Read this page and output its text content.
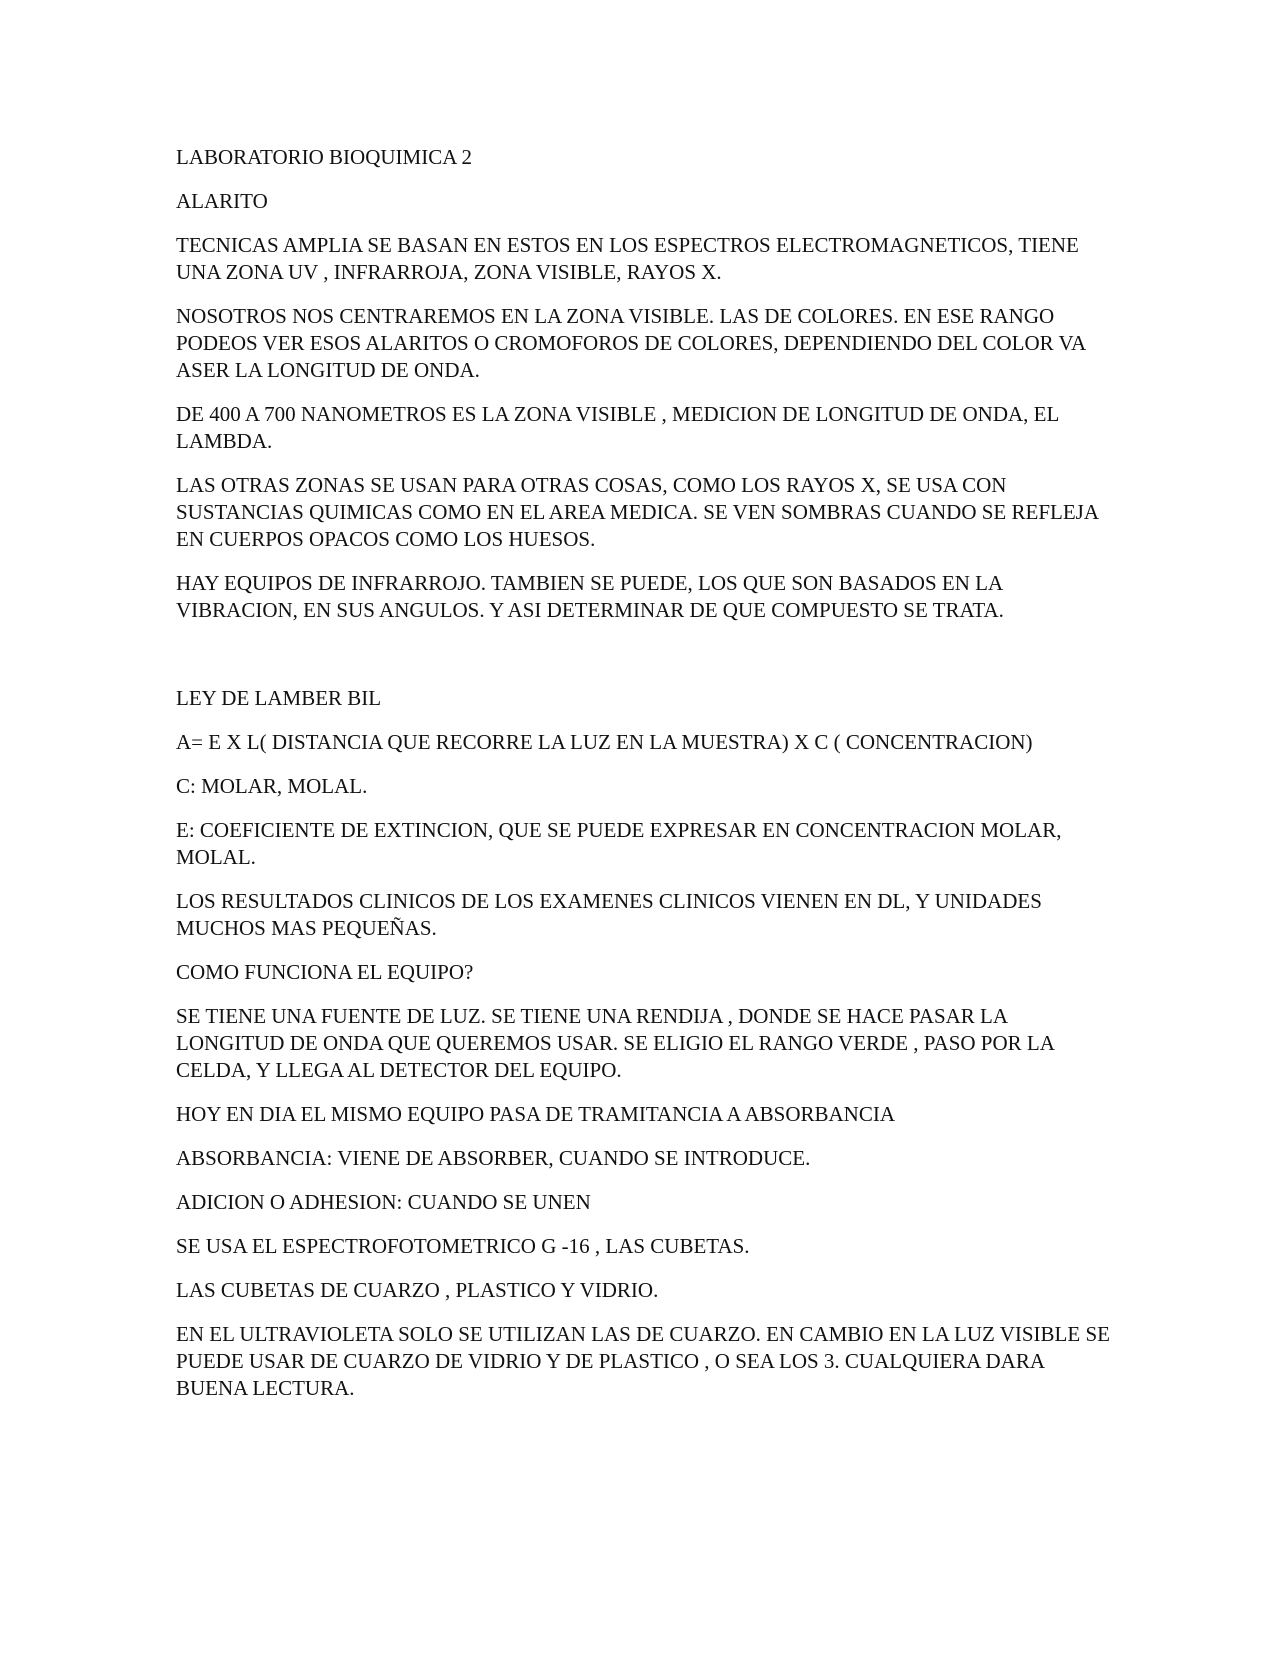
LABORATORIO BIOQUIMICA 2

ALARITO

TECNICAS AMPLIA SE BASAN EN ESTOS EN LOS ESPECTROS ELECTROMAGNETICOS, TIENE UNA ZONA UV , INFRARROJA, ZONA VISIBLE, RAYOS X.

NOSOTROS NOS CENTRAREMOS EN LA ZONA VISIBLE. LAS DE COLORES. EN ESE RANGO PODEOS VER ESOS ALARITOS O CROMOFOROS DE COLORES, DEPENDIENDO DEL COLOR VA ASER LA LONGITUD DE ONDA.

DE 400 A 700 NANOMETROS ES LA ZONA VISIBLE , MEDICION DE LONGITUD DE ONDA, EL LAMBDA.

LAS OTRAS ZONAS SE USAN PARA OTRAS COSAS, COMO LOS RAYOS X, SE USA CON SUSTANCIAS QUIMICAS COMO EN EL AREA MEDICA. SE VEN SOMBRAS CUANDO SE REFLEJA EN CUERPOS OPACOS COMO LOS HUESOS.

HAY EQUIPOS DE INFRARROJO. TAMBIEN SE PUEDE, LOS QUE SON BASADOS EN LA VIBRACION, EN SUS ANGULOS. Y ASI DETERMINAR DE QUE COMPUESTO SE TRATA.

LEY DE LAMBER BIL

A= E X L( DISTANCIA QUE RECORRE LA LUZ EN LA MUESTRA) X C ( CONCENTRACION)

C: MOLAR, MOLAL.

E: COEFICIENTE DE EXTINCION, QUE SE PUEDE EXPRESAR EN CONCENTRACION MOLAR, MOLAL.

LOS RESULTADOS CLINICOS DE LOS EXAMENES CLINICOS VIENEN EN DL, Y UNIDADES MUCHOS MAS PEQUEÑAS.

COMO FUNCIONA EL EQUIPO?

SE TIENE UNA FUENTE DE LUZ. SE TIENE UNA RENDIJA , DONDE SE HACE PASAR LA LONGITUD DE ONDA QUE QUEREMOS USAR. SE ELIGIO EL RANGO VERDE , PASO POR LA CELDA, Y LLEGA AL DETECTOR DEL EQUIPO.

HOY EN DIA EL MISMO EQUIPO PASA DE TRAMITANCIA A ABSORBANCIA

ABSORBANCIA: VIENE DE ABSORBER, CUANDO SE INTRODUCE.

ADICION O ADHESION: CUANDO SE UNEN

SE USA EL ESPECTROFOTOMETRICO G -16 , LAS CUBETAS.

LAS CUBETAS DE CUARZO , PLASTICO Y VIDRIO.

EN EL ULTRAVIOLETA SOLO SE UTILIZAN LAS DE CUARZO. EN CAMBIO EN LA LUZ VISIBLE SE PUEDE USAR DE CUARZO DE VIDRIO Y DE PLASTICO , O SEA LOS 3. CUALQUIERA DARA BUENA LECTURA.
